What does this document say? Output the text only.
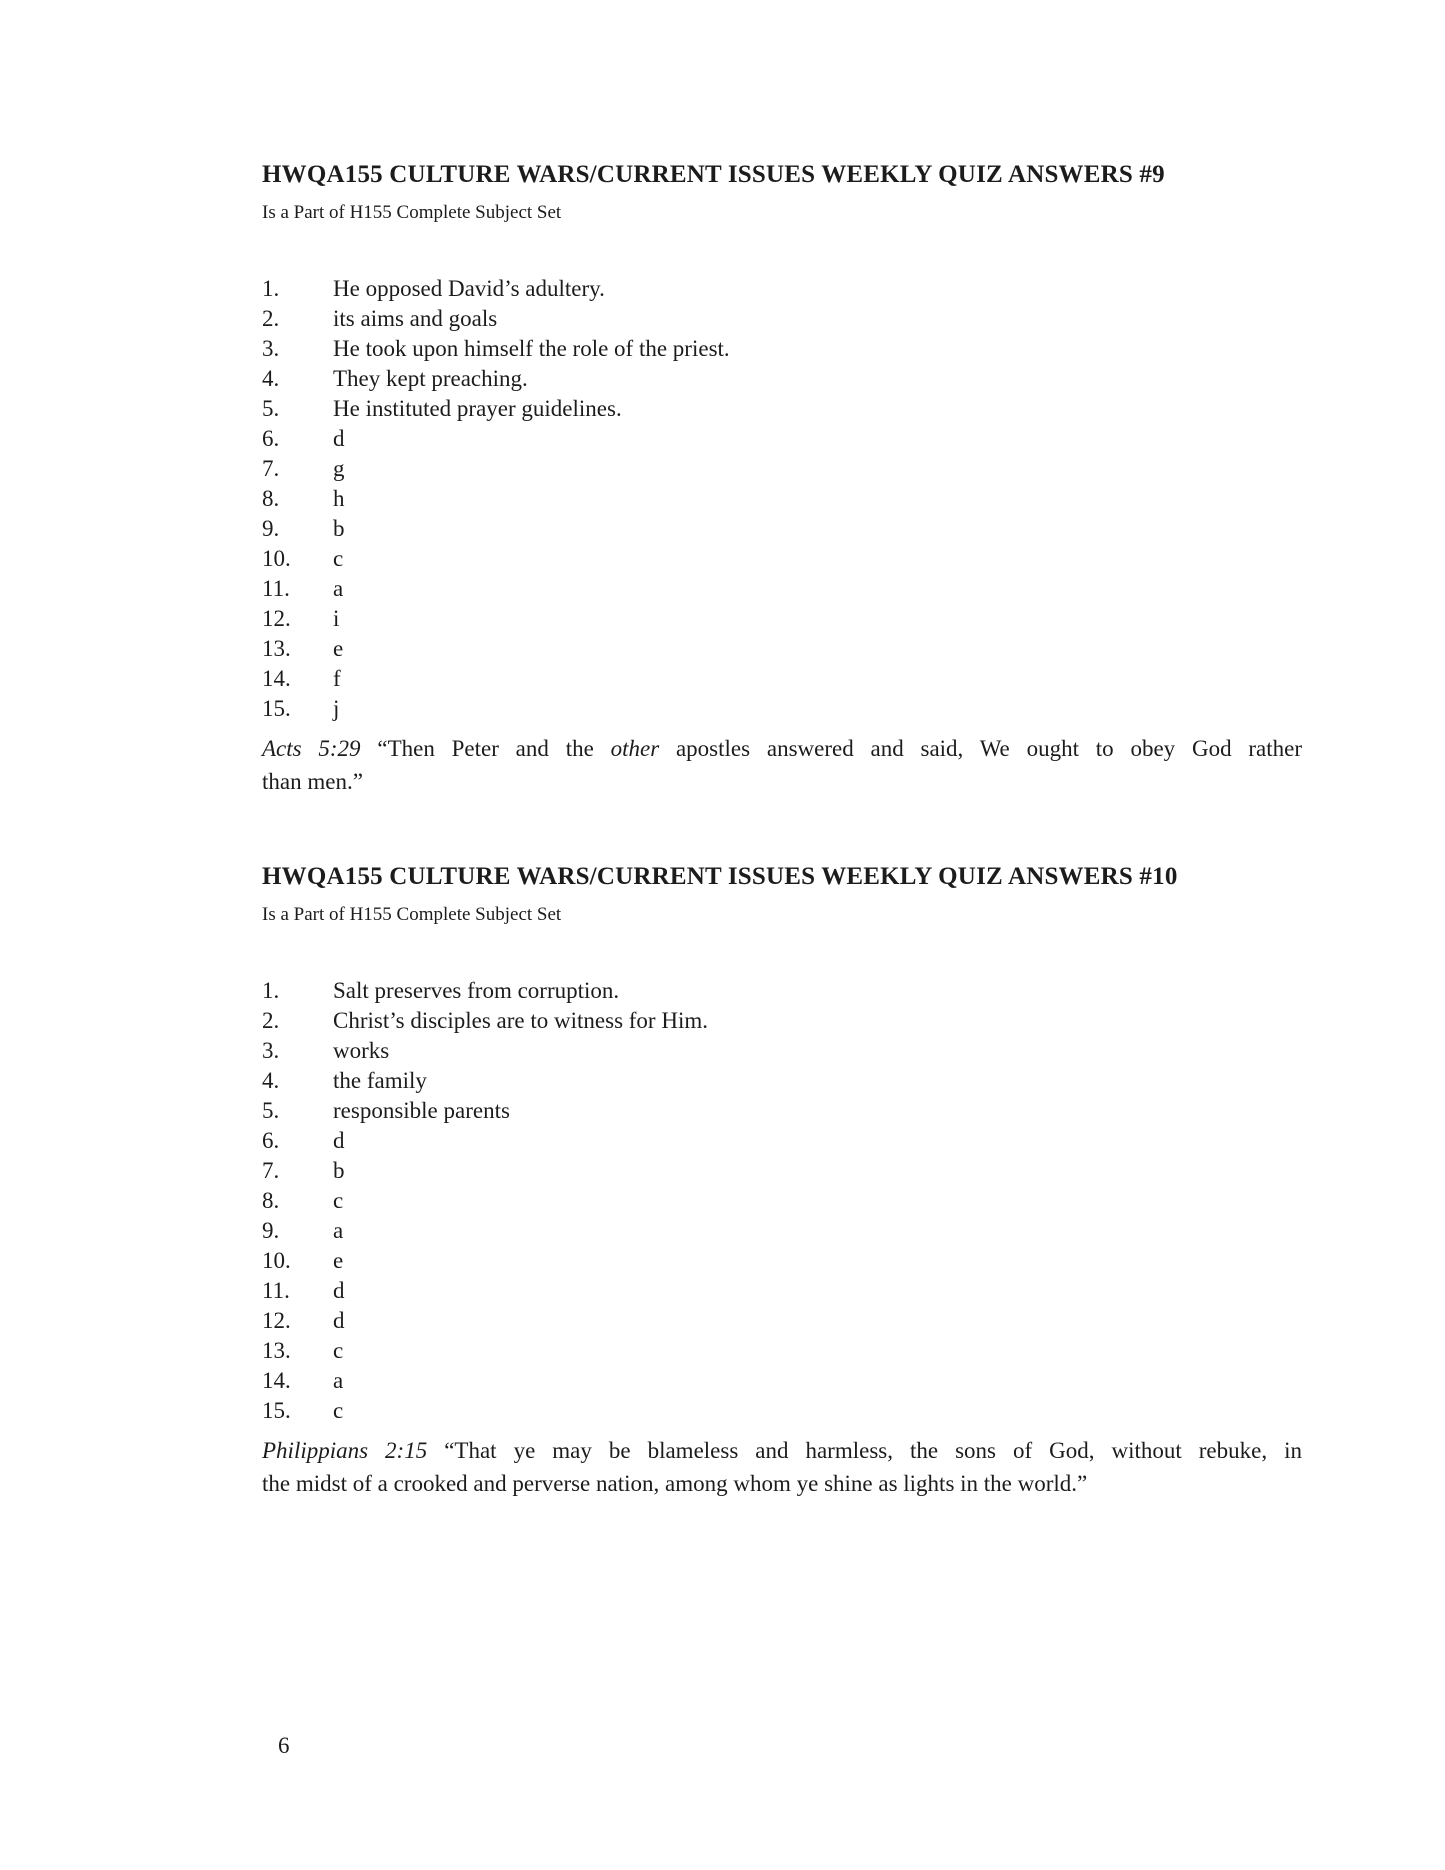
HWQA155 CULTURE WARS/CURRENT ISSUES WEEKLY QUIZ ANSWERS #9
Is a Part of H155 Complete Subject Set
1.	He opposed David’s adultery.
2.	its aims and goals
3.	He took upon himself the role of the priest.
4.	They kept preaching.
5.	He instituted prayer guidelines.
6.	d
7.	g
8.	h
9.	b
10.	c
11.	a
12.	i
13.	e
14.	f
15.	j
Acts 5:29 “Then Peter and the other apostles answered and said, We ought to obey God rather
than men.”
HWQA155 CULTURE WARS/CURRENT ISSUES WEEKLY QUIZ ANSWERS #10
Is a Part of H155 Complete Subject Set
1.	Salt preserves from corruption.
2.	Christ’s disciples are to witness for Him.
3.	works
4.	the family
5.	responsible parents
6.	d
7.	b
8.	c
9.	a
10.	e
11.	d
12.	d
13.	c
14.	a
15.	c
Philippians 2:15 “That ye may be blameless and harmless, the sons of God, without rebuke, in
the midst of a crooked and perverse nation, among whom ye shine as lights in the world.”
6
